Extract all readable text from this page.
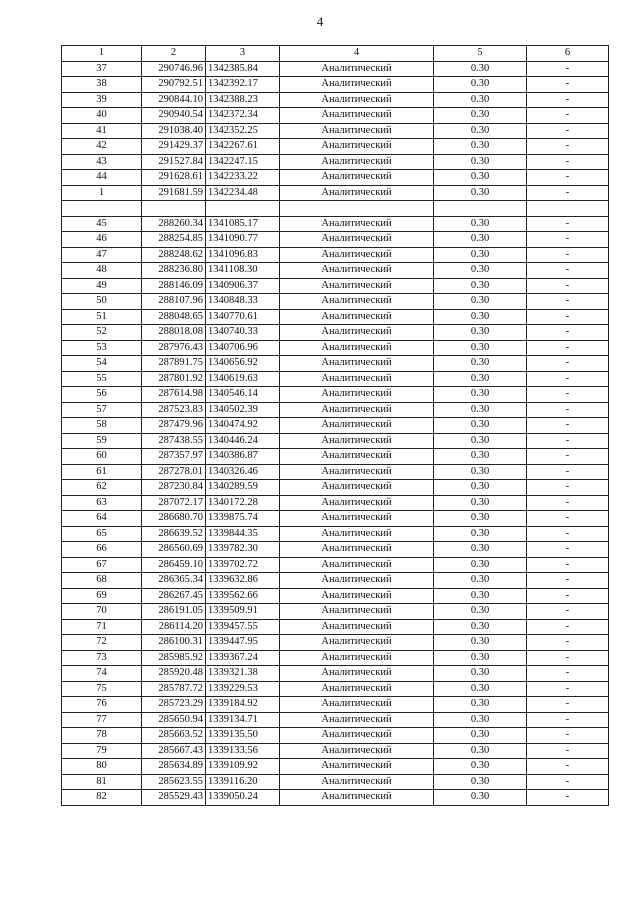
4
1	2	3	4	5	6
37	290746.96	1342385.84	Аналитический	0.30	-
38	290792.51	1342392.17	Аналитический	0.30	-
39	290844.10	1342388.23	Аналитический	0.30	-
40	290940.54	1342372.34	Аналитический	0.30	-
41	291038.40	1342352.25	Аналитический	0.30	-
42	291429.37	1342267.61	Аналитический	0.30	-
43	291527.84	1342247.15	Аналитический	0.30	-
44	291628.61	1342233.22	Аналитический	0.30	-
1	291681.59	1342234.48	Аналитический	0.30	-

45	288260.34	1341085.17	Аналитический	0.30	-
46	288254.85	1341090.77	Аналитический	0.30	-
47	288248.62	1341096.83	Аналитический	0.30	-
48	288236.80	1341108.30	Аналитический	0.30	-
49	288146.09	1340906.37	Аналитический	0.30	-
50	288107.96	1340848.33	Аналитический	0.30	-
51	288048.65	1340770.61	Аналитический	0.30	-
52	288018.08	1340740.33	Аналитический	0.30	-
53	287976.43	1340706.96	Аналитический	0.30	-
54	287891.75	1340656.92	Аналитический	0.30	-
55	287801.92	1340619.63	Аналитический	0.30	-
56	287614.98	1340546.14	Аналитический	0.30	-
57	287523.83	1340502.39	Аналитический	0.30	-
58	287479.96	1340474.92	Аналитический	0.30	-
59	287438.55	1340446.24	Аналитический	0.30	-
60	287357.97	1340386.87	Аналитический	0.30	-
61	287278.01	1340326.46	Аналитический	0.30	-
62	287230.84	1340289.59	Аналитический	0.30	-
63	287072.17	1340172.28	Аналитический	0.30	-
64	286680.70	1339875.74	Аналитический	0.30	-
65	286639.52	1339844.35	Аналитический	0.30	-
66	286560.69	1339782.30	Аналитический	0.30	-
67	286459.10	1339702.72	Аналитический	0.30	-
68	286365.34	1339632.86	Аналитический	0.30	-
69	286267.45	1339562.66	Аналитический	0.30	-
70	286191.05	1339509.91	Аналитический	0.30	-
71	286114.20	1339457.55	Аналитический	0.30	-
72	286100.31	1339447.95	Аналитический	0.30	-
73	285985.92	1339367.24	Аналитический	0.30	-
74	285920.48	1339321.38	Аналитический	0.30	-
75	285787.72	1339229.53	Аналитический	0.30	-
76	285723.29	1339184.92	Аналитический	0.30	-
77	285650.94	1339134.71	Аналитический	0.30	-
78	285663.52	1339135.50	Аналитический	0.30	-
79	285667.43	1339133.56	Аналитический	0.30	-
80	285634.89	1339109.92	Аналитический	0.30	-
81	285623.55	1339116.20	Аналитический	0.30	-
82	285529.43	1339050.24	Аналитический	0.30	-
